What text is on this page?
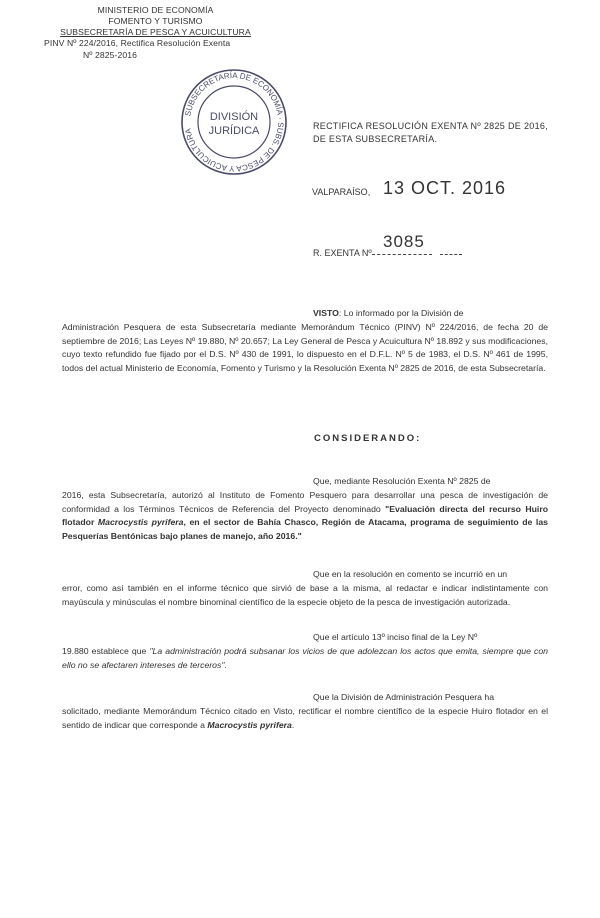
MINISTERIO DE ECONOMÍA
FOMENTO Y TURISMO
SUBSECRETARÍA DE PESCA Y ACUICULTURA
PINV Nº 224/2016, Rectifica Resolución Exenta
Nº 2825-2016
SUBSECRETARÍA DE ECONOMÍA · SUBS. DE PESCA Y ACUICULTURA
DIVISIÓN
JURÍDICA	RECTIFICA RESOLUCIÓN EXENTA Nº 2825 DE 2016, DE ESTA SUBSECRETARÍA.
VALPARAÍSO, 13 OCT. 2016
3085
R. EXENTA Nº
VISTO: Lo informado por la División de
Administración Pesquera de esta Subsecretaría mediante Memorándum Técnico (PINV) Nº 224/2016, de fecha 20 de septiembre de 2016; Las Leyes Nº 19.880, Nº 20.657; La Ley General de Pesca y Acuicultura Nº 18.892 y sus modificaciones, cuyo texto refundido fue fijado por el D.S. Nº 430 de 1991, lo dispuesto en el D.F.L. Nº 5 de 1983, el D.S. Nº 461 de 1995, todos del actual Ministerio de Economía, Fomento y Turismo y la Resolución Exenta Nº 2825 de 2016, de esta Subsecretaría.
CONSIDERANDO:
Que, mediante Resolución Exenta Nº 2825 de
2016, esta Subsecretaría, autorizó al Instituto de Fomento Pesquero para desarrollar una pesca de investigación de conformidad a los Términos Técnicos de Referencia del Proyecto denominado "Evaluación directa del recurso Huiro flotador Macrocystis pyrifera, en el sector de Bahía Chasco, Región de Atacama, programa de seguimiento de las Pesquerías Bentónicas bajo planes de manejo, año 2016."
Que en la resolución en comento se incurrió en un
error, como así también en el informe técnico que sirvió de base a la misma, al redactar e indicar indistintamente con mayúscula y minúsculas el nombre binominal científico de la especie objeto de la pesca de investigación autorizada.
Que el artículo 13º inciso final de la Ley Nº
19.880 establece que "La administración podrá subsanar los vicios de que adolezcan los actos que emita, siempre que con ello no se afectaren intereses de terceros".
Que la División de Administración Pesquera ha
solicitado, mediante Memorándum Técnico citado en Visto, rectificar el nombre científico de la especie Huiro flotador en el sentido de indicar que corresponde a Macrocystis pyrifera.
